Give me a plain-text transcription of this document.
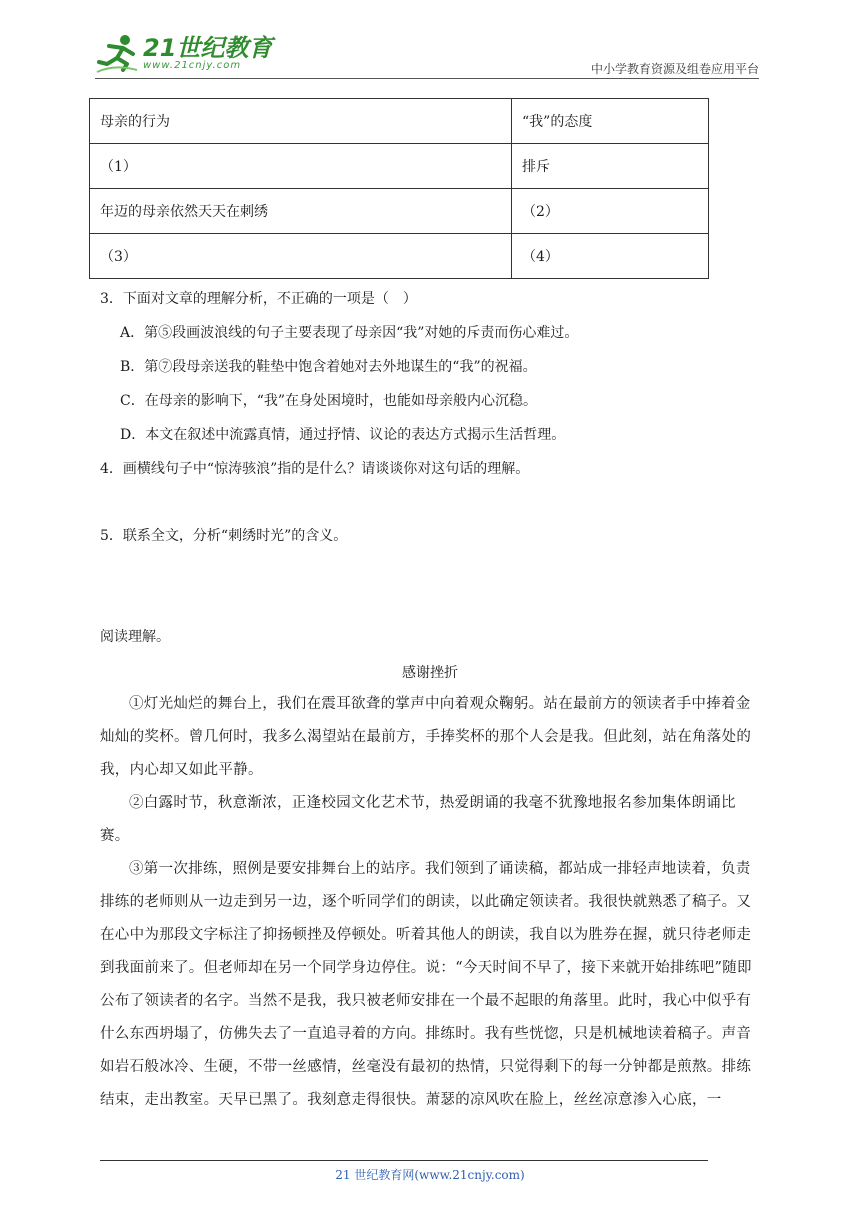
21世纪教育
www.21cnjy.com	中小学教育资源及组卷应用平台
母亲的行为	“我”的态度
（1）	排斥
年迈的母亲依然天天在刺绣	（2）
（3）	（4）
3．下面对文章的理解分析，不正确的一项是（　）
A．第⑤段画波浪线的句子主要表现了母亲因“我”对她的斥责而伤心难过。
B．第⑦段母亲送我的鞋垫中饱含着她对去外地谋生的“我”的祝福。
C．在母亲的影响下，“我”在身处困境时，也能如母亲般内心沉稳。
D．本文在叙述中流露真情，通过抒情、议论的表达方式揭示生活哲理。
4．画横线句子中“惊涛骇浪”指的是什么？请谈谈你对这句话的理解。
5．联系全文，分析“刺绣时光”的含义。
阅读理解。
感谢挫折
①灯光灿烂的舞台上，我们在震耳欲聋的掌声中向着观众鞠躬。站在最前方的领读者手中捧着金灿灿的奖杯。曾几何时，我多么渴望站在最前方，手捧奖杯的那个人会是我。但此刻，站在角落处的我，内心却又如此平静。
②白露时节，秋意渐浓，正逢校园文化艺术节，热爱朗诵的我毫不犹豫地报名参加集体朗诵比赛。
③第一次排练，照例是要安排舞台上的站序。我们领到了诵读稿，都站成一排轻声地读着，负责排练的老师则从一边走到另一边，逐个听同学们的朗读，以此确定领读者。我很快就熟悉了稿子。又在心中为那段文字标注了抑扬顿挫及停顿处。听着其他人的朗读，我自以为胜券在握，就只待老师走到我面前来了。但老师却在另一个同学身边停住。说：“今天时间不早了，接下来就开始排练吧”随即公布了领读者的名字。当然不是我，我只被老师安排在一个最不起眼的角落里。此时，我心中似乎有什么东西坍塌了，仿佛失去了一直追寻着的方向。排练时。我有些恍惚，只是机械地读着稿子。声音如岩石般冰冷、生硬，不带一丝感情，丝毫没有最初的热情，只觉得剩下的每一分钟都是煎熬。排练结束，走出教室。天早已黑了。我刻意走得很快。萧瑟的凉风吹在脸上，丝丝凉意渗入心底，一
21 世纪教育网(www.21cnjy.com)
